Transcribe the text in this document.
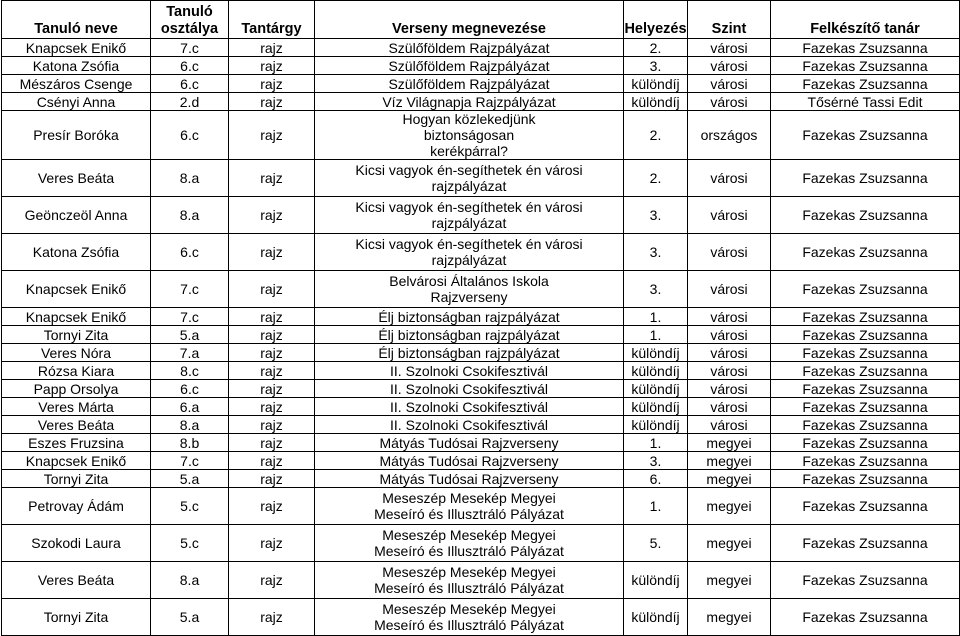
Tanuló neve	Tanuló osztálya	Tantárgy	Verseny megnevezése	Helyezés	Szint	Felkészítő tanár
Knapcsek Enikő	7.c	rajz	Szülőföldem Rajzpályázat	2.	városi	Fazekas Zsuzsanna
Katona Zsófia	6.c	rajz	Szülőföldem Rajzpályázat	3.	városi	Fazekas Zsuzsanna
Mészáros Csenge	6.c	rajz	Szülőföldem Rajzpályázat	különdíj	városi	Fazekas Zsuzsanna
Csényi Anna	2.d	rajz	Víz Világnapja Rajzpályázat	különdíj	városi	Tősérné Tassi Edit
Presír Boróka	6.c	rajz	Hogyan közlekedjünk biztonságosan kerékpárral?	2.	országos	Fazekas Zsuzsanna
Veres Beáta	8.a	rajz	Kicsi vagyok én-segíthetek én városi rajzpályázat	2.	városi	Fazekas Zsuzsanna
Geönczeöl Anna	8.a	rajz	Kicsi vagyok én-segíthetek én városi rajzpályázat	3.	városi	Fazekas Zsuzsanna
Katona Zsófia	6.c	rajz	Kicsi vagyok én-segíthetek én városi rajzpályázat	3.	városi	Fazekas Zsuzsanna
Knapcsek Enikő	7.c	rajz	Belvárosi Általános Iskola Rajzverseny	3.	városi	Fazekas Zsuzsanna
Knapcsek Enikő	7.c	rajz	Élj biztonságban rajzpályázat	1.	városi	Fazekas Zsuzsanna
Tornyi Zita	5.a	rajz	Élj biztonságban rajzpályázat	1.	városi	Fazekas Zsuzsanna
Veres Nóra	7.a	rajz	Élj biztonságban rajzpályázat	különdíj	városi	Fazekas Zsuzsanna
Rózsa Kiara	8.c	rajz	II. Szolnoki Csokifesztivál	különdíj	városi	Fazekas Zsuzsanna
Papp Orsolya	6.c	rajz	II. Szolnoki Csokifesztivál	különdíj	városi	Fazekas Zsuzsanna
Veres Márta	6.a	rajz	II. Szolnoki Csokifesztivál	különdíj	városi	Fazekas Zsuzsanna
Veres Beáta	8.a	rajz	II. Szolnoki Csokifesztivál	különdíj	városi	Fazekas Zsuzsanna
Eszes Fruzsina	8.b	rajz	Mátyás Tudósai Rajzverseny	1.	megyei	Fazekas Zsuzsanna
Knapcsek Enikő	7.c	rajz	Mátyás Tudósai Rajzverseny	3.	megyei	Fazekas Zsuzsanna
Tornyi Zita	5.a	rajz	Mátyás Tudósai Rajzverseny	6.	megyei	Fazekas Zsuzsanna
Petrovay Ádám	5.c	rajz	Meseszép Mesekép Megyei Meseíró és Illusztráló Pályázat	1.	megyei	Fazekas Zsuzsanna
Szokodi Laura	5.c	rajz	Meseszép Mesekép Megyei Meseíró és Illusztráló Pályázat	5.	megyei	Fazekas Zsuzsanna
Veres Beáta	8.a	rajz	Meseszép Mesekép Megyei Meseíró és Illusztráló Pályázat	különdíj	megyei	Fazekas Zsuzsanna
Tornyi Zita	5.a	rajz	Meseszép Mesekép Megyei Meseíró és Illusztráló Pályázat	különdíj	megyei	Fazekas Zsuzsanna
